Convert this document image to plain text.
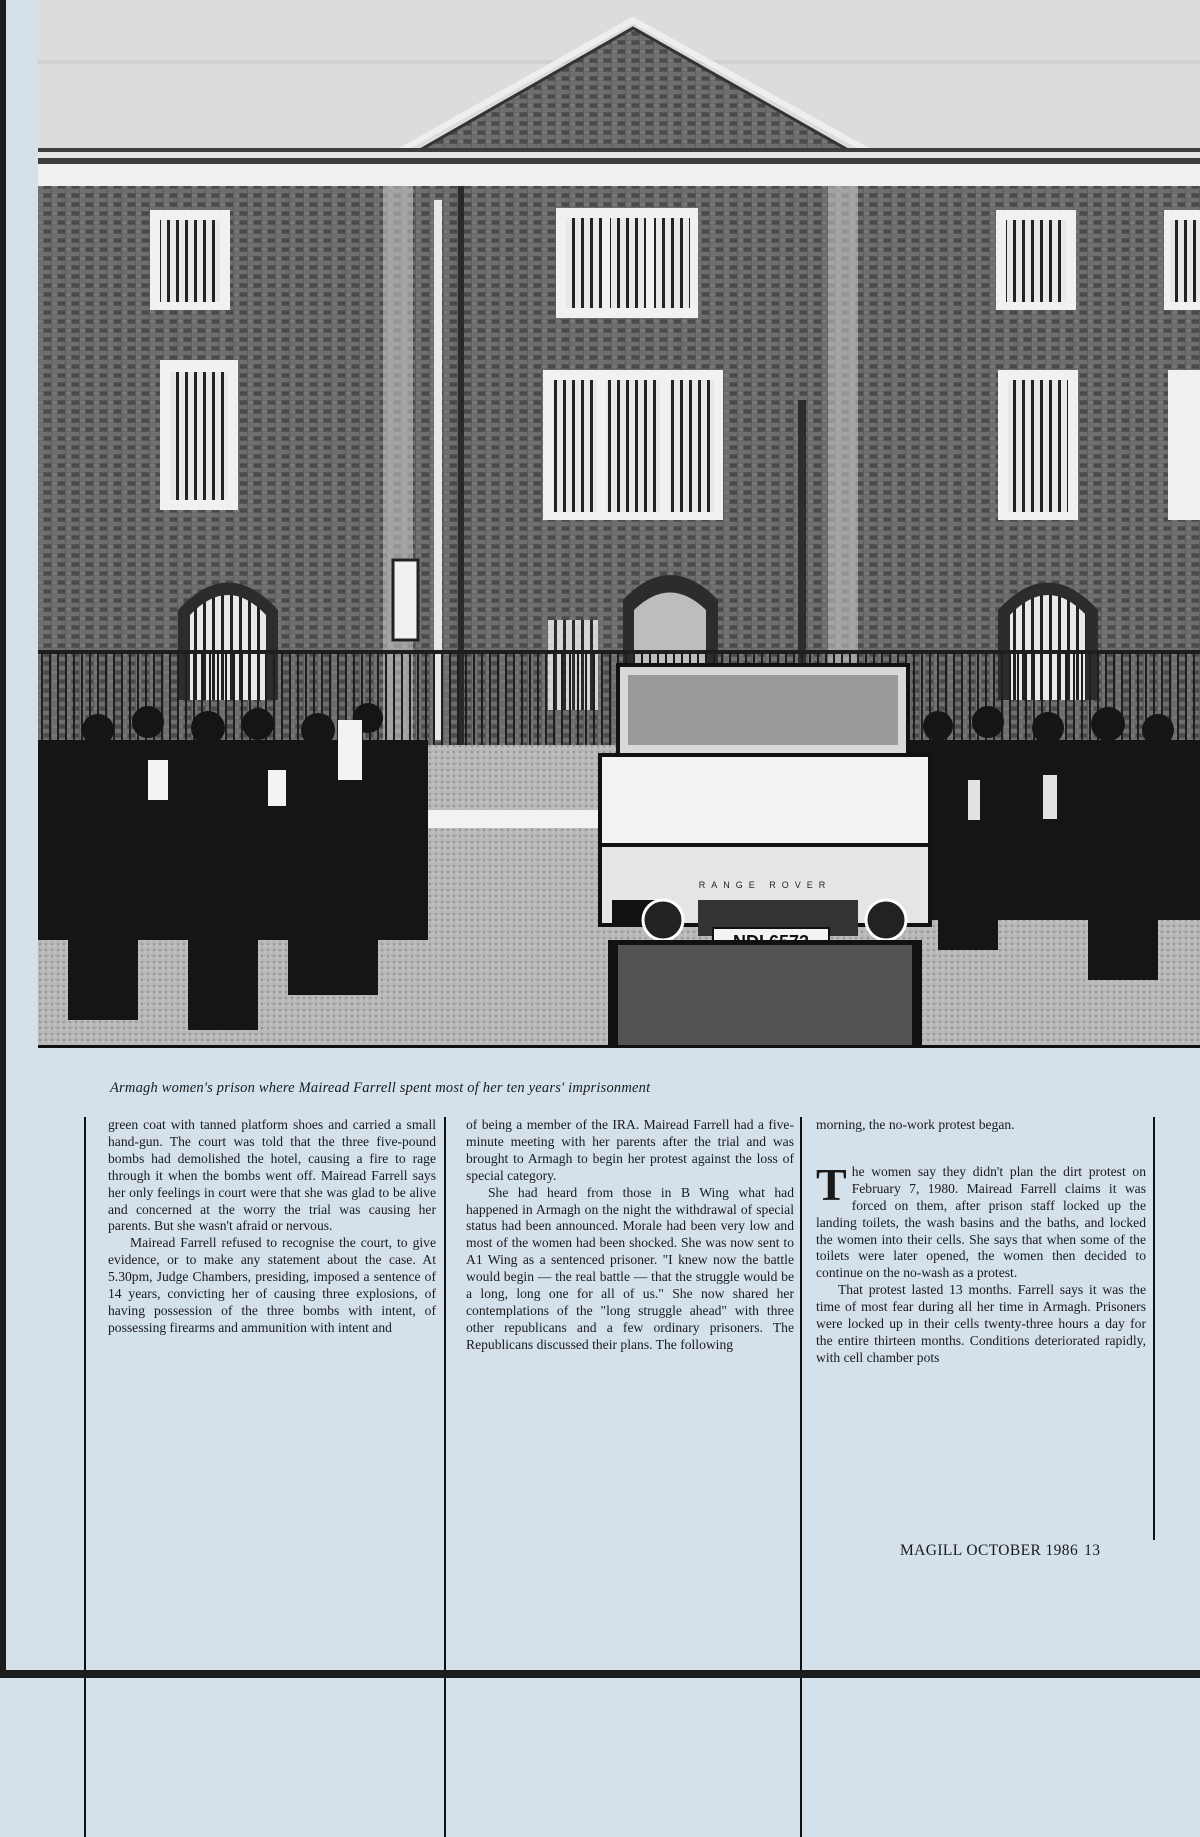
RANGE ROVER
Armagh women's prison where Mairead Farrell spent most of her ten years' imprisonment

green coat with tanned platform shoes and carried a small hand-gun. The court was told that the three five-pound bombs had demolished the hotel, causing a fire to rage through it when the bombs went off. Mairead Farrell says her only feelings in court were that she was glad to be alive and concerned at the worry the trial was causing her parents. But she wasn't afraid or nervous.

Mairead Farrell refused to recognise the court, to give evidence, or to make any statement about the case. At 5.30pm, Judge Chambers, presiding, imposed a sentence of 14 years, convicting her of causing three explosions, of having possession of the three bombs with intent, of possessing firearms and ammunition with intent and

of being a member of the IRA. Mairead Farrell had a five-minute meeting with her parents after the trial and was brought to Armagh to begin her protest against the loss of special category.

She had heard from those in B Wing what had happened in Armagh on the night the withdrawal of special status had been announced. Morale had been very low and most of the women had been shocked. She was now sent to A1 Wing as a sentenced prisoner. "I knew now the battle would begin — the real battle — that the struggle would be a long, long one for all of us." She now shared her contemplations of the "long struggle ahead" with three other republicans and a few ordinary prisoners. The Republicans discussed their plans. The following

morning, the no-work protest began.

The women say they didn't plan the dirt protest on February 7, 1980. Mairead Farrell claims it was forced on them, after prison staff locked up the landing toilets, the wash basins and the baths, and locked the women into their cells. She says that when some of the toilets were later opened, the women then decided to continue on the no-wash as a protest.

That protest lasted 13 months. Farrell says it was the time of most fear during all her time in Armagh. Prisoners were locked up in their cells twenty-three hours a day for the entire thirteen months. Conditions deteriorated rapidly, with cell chamber pots

MAGILL OCTOBER 1986 13
